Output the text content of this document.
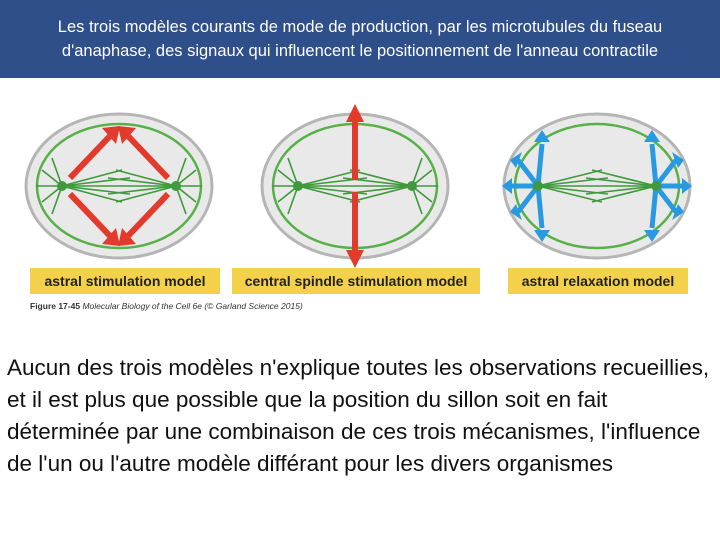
Les trois modèles courants de mode de production, par les microtubules du fuseau d'anaphase, des signaux qui influencent le positionnement de l'anneau contractile
astral stimulation model	central spindle stimulation model	astral relaxation model
Figure 17-45 Molecular Biology of the Cell 6e (© Garland Science 2015)
Aucun des trois modèles n'explique toutes les observations recueillies, et il est plus que possible que la position du sillon soit en fait déterminée par une combinaison de ces trois mécanismes, l'influence de l'un ou l'autre modèle différant pour les divers organismes
